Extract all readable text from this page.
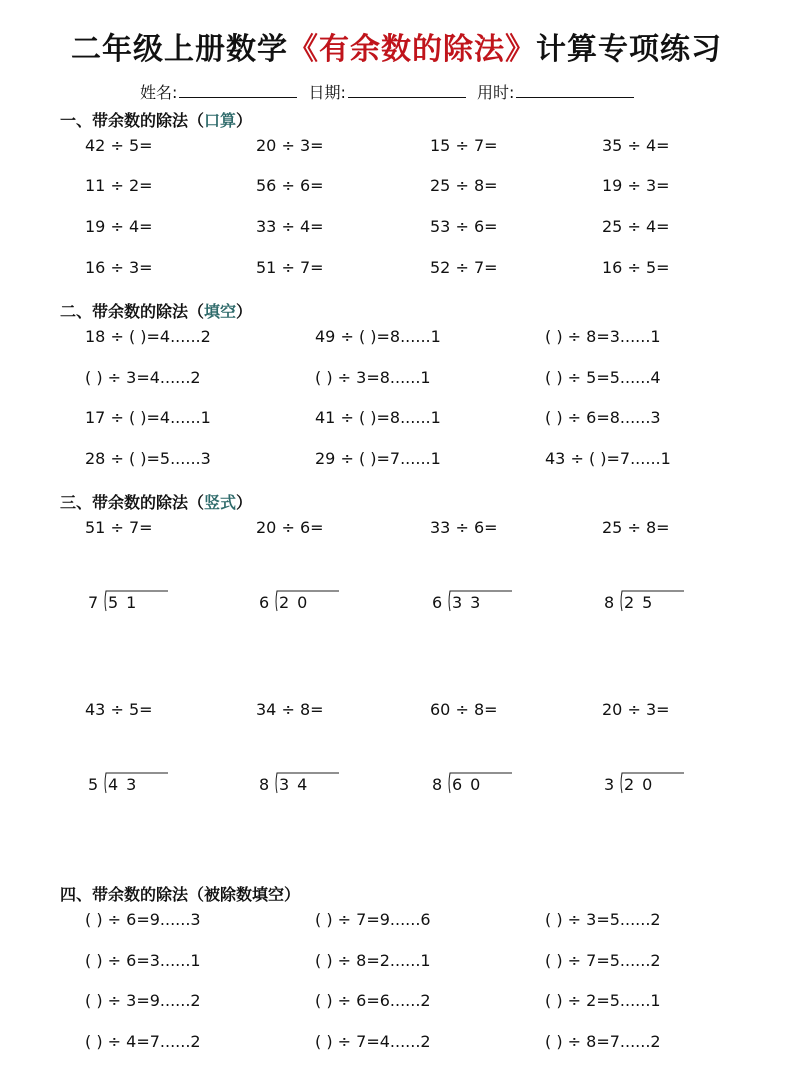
二年级上册数学《有余数的除法》计算专项练习
姓名:	日期:	用时:
一、带余数的除法（口算）
二、带余数的除法（填空）
三、带余数的除法（竖式）
四、带余数的除法（被除数填空）
42 ÷ 5=	20 ÷ 3=	15 ÷ 7=	35 ÷ 4=
11 ÷ 2=	56 ÷ 6=	25 ÷ 8=	19 ÷ 3=
19 ÷ 4=	33 ÷ 4=	53 ÷ 6=	25 ÷ 4=
16 ÷ 3=	51 ÷ 7=	52 ÷ 7=	16 ÷ 5=
18 ÷ ( )=4......2	49 ÷ ( )=8......1	( ) ÷ 8=3......1
( ) ÷ 3=4......2	( ) ÷ 3=8......1	( ) ÷ 5=5......4
17 ÷ ( )=4......1	41 ÷ ( )=8......1	( ) ÷ 6=8......3
28 ÷ ( )=5......3	29 ÷ ( )=7......1	43 ÷ ( )=7......1
51 ÷ 7=	20 ÷ 6=	33 ÷ 6=	25 ÷ 8=
7 51	6 20	6 33	8 25
43 ÷ 5=	34 ÷ 8=	60 ÷ 8=	20 ÷ 3=
5 43	8 34	8 60	3 20
( ) ÷ 6=9......3	( ) ÷ 7=9......6	( ) ÷ 3=5......2
( ) ÷ 6=3......1	( ) ÷ 8=2......1	( ) ÷ 7=5......2
( ) ÷ 3=9......2	( ) ÷ 6=6......2	( ) ÷ 2=5......1
( ) ÷ 4=7......2	( ) ÷ 7=4......2	( ) ÷ 8=7......2
